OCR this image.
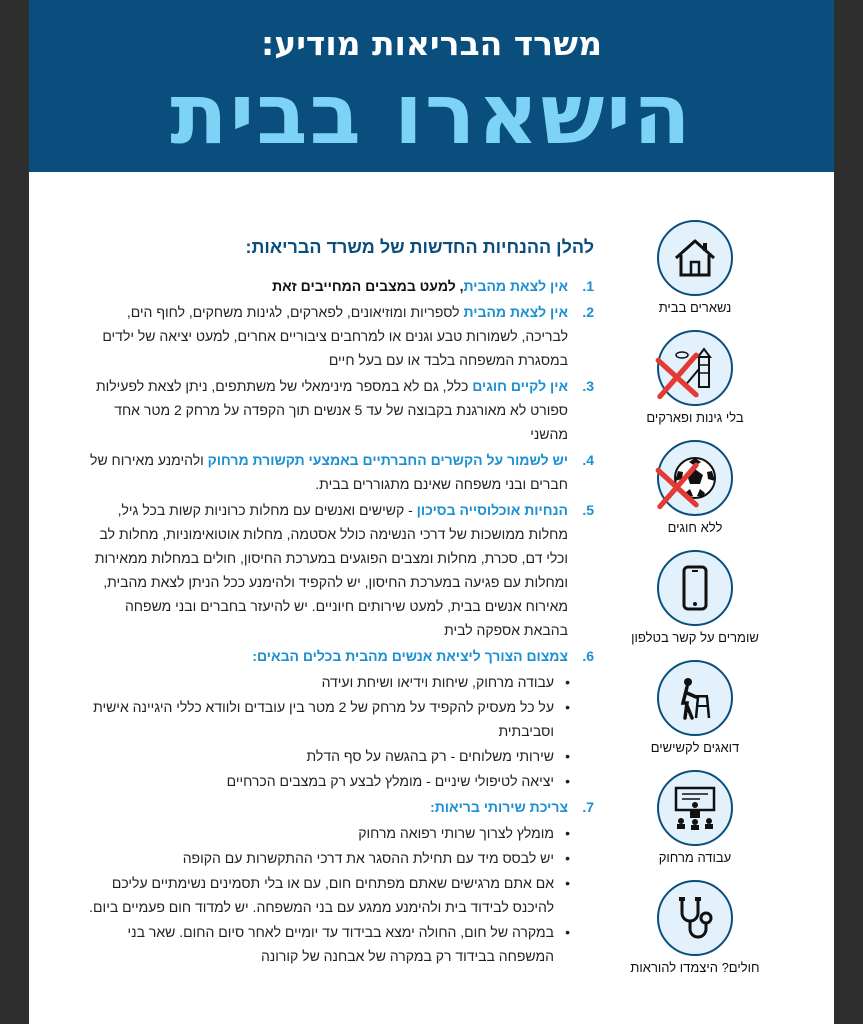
משרד הבריאות מודיע:
הישארו בבית
נשארים בבית
בלי גינות ופארקים
ללא חוגים
שומרים על קשר בטלפון
דואגים לקשישים
עבודה מרחוק
חולים? היצמדו להוראות
להלן ההנחיות החדשות של משרד הבריאות:
1.
אין לצאת מהבית, למעט במצבים המחייבים זאת
2.
אין לצאת מהבית לספריות ומוזיאונים, לפארקים, לגינות משחקים, לחוף הים, לבריכה, לשמורות טבע וגנים או למרחבים ציבוריים אחרים, למעט יציאה של ילדים במסגרת המשפחה בלבד או עם בעל חיים
3.
אין לקיים חוגים כלל, גם לא במספר מינימאלי של משתתפים, ניתן לצאת לפעילות ספורט לא מאורגנת בקבוצה של עד 5 אנשים תוך הקפדה על מרחק 2 מטר אחד מהשני
4.
יש לשמור על הקשרים החברתיים באמצעי תקשורת מרחוק ולהימנע מאירוח של חברים ובני משפחה שאינם מתגוררים בבית.
5.
הנחיות אוכלוסייה בסיכון - קשישים ואנשים עם מחלות כרוניות קשות בכל גיל, מחלות ממושכות של דרכי הנשימה כולל אסטמה, מחלות אוטואימוניות, מחלות לב וכלי דם, סכרת, מחלות ומצבים הפוגעים במערכת החיסון, חולים במחלות ממאירות ומחלות עם פגיעה במערכת החיסון, יש להקפיד ולהימנע ככל הניתן לצאת מהבית, מאירוח אנשים בבית, למעט שירותים חיוניים. יש להיעזר בחברים ובני משפחה בהבאת אספקה לבית
6.
צמצום הצורך ליציאת אנשים מהבית בכלים הבאים:
• עבודה מרחוק, שיחות וידיאו ושיחת ועידה
• על כל מעסיק להקפיד על מרחק של 2 מטר בין עובדים ולוודא כללי היגיינה אישית וסביבתית
• שירותי משלוחים - רק בהגשה על סף הדלת
• יציאה לטיפולי שיניים - מומלץ לבצע רק במצבים הכרחיים
7.
צריכת שירותי בריאות:
• מומלץ לצרוך שרותי רפואה מרחוק
• יש לבסס מיד עם תחילת ההסגר את דרכי ההתקשרות עם הקופה
• אם אתם מרגישים שאתם מפתחים חום, עם או בלי תסמינים נשימתיים עליכם להיכנס לבידוד בית ולהימנע ממגע עם בני המשפחה. יש למדוד חום פעמיים ביום.
• במקרה של חום, החולה ימצא בבידוד עד יומיים לאחר סיום החום. שאר בני המשפחה בבידוד רק במקרה של אבחנה של קורונה
